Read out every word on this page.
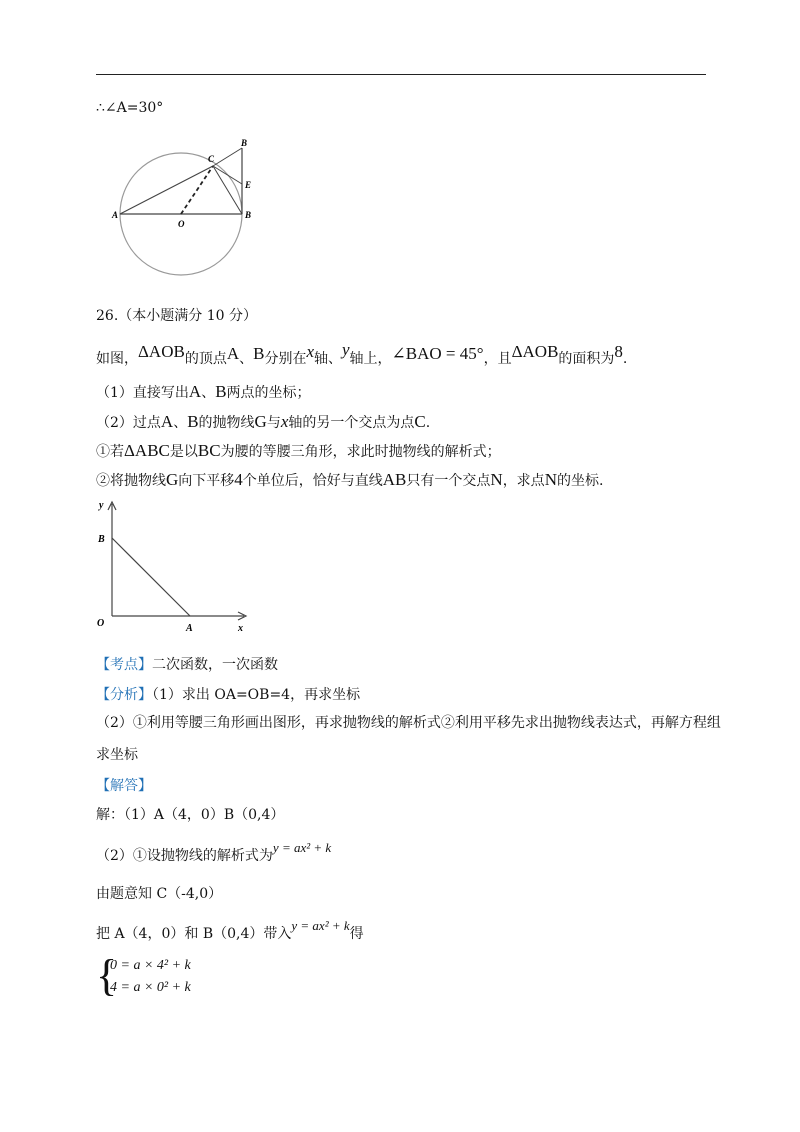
∴∠A=30°
A
O
B
C
E
B
26.（本小题满分 10 分）
如图，ΔAOB的顶点A、B分别在x轴、y轴上，∠BAO = 45°，且ΔAOB的面积为8.
（1）直接写出A、B两点的坐标；
（2）过点A、B的抛物线G与x轴的另一个交点为点C.
①若ΔABC是以BC为腰的等腰三角形，求此时抛物线的解析式；
②将抛物线G向下平移4个单位后，恰好与直线AB只有一个交点N，求点N的坐标.
y
B
O	A	x
【考点】二次函数，一次函数
【分析】（1）求出 OA=OB=4，再求坐标
（2）①利用等腰三角形画出图形，再求抛物线的解析式②利用平移先求出抛物线表达式，再解方程组
求坐标
【解答】
解：（1）A（4，0）B（0,4）
（2）①设抛物线的解析式为y = ax² + k
由题意知 C（-4,0）
把 A（4，0）和 B（0,4）带入y = ax² + k得
{
0 = a × 4² + k
4 = a × 0² + k
